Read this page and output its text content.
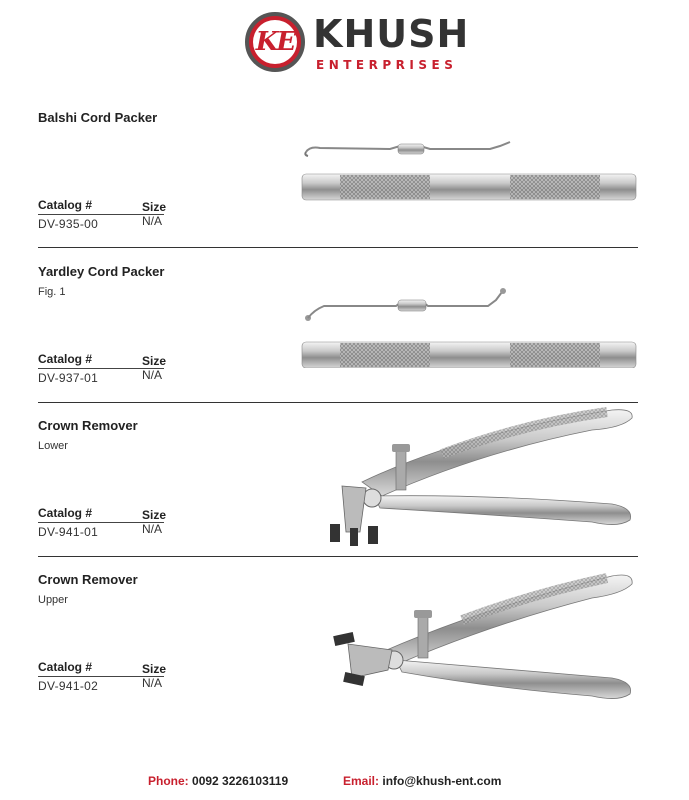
KE KHUSH
ENTERPRISES
Balshi Cord Packer
Catalog #	Size
DV-935-00	N/A
Yardley Cord Packer
Fig. 1
Catalog #	Size
DV-937-01	N/A
Crown Remover
Lower
Catalog #	Size
DV-941-01	N/A
Crown Remover
Upper
Catalog #	Size
DV-941-02	N/A
Phone: 0092 3226103119	Email: info@khush-ent.com
